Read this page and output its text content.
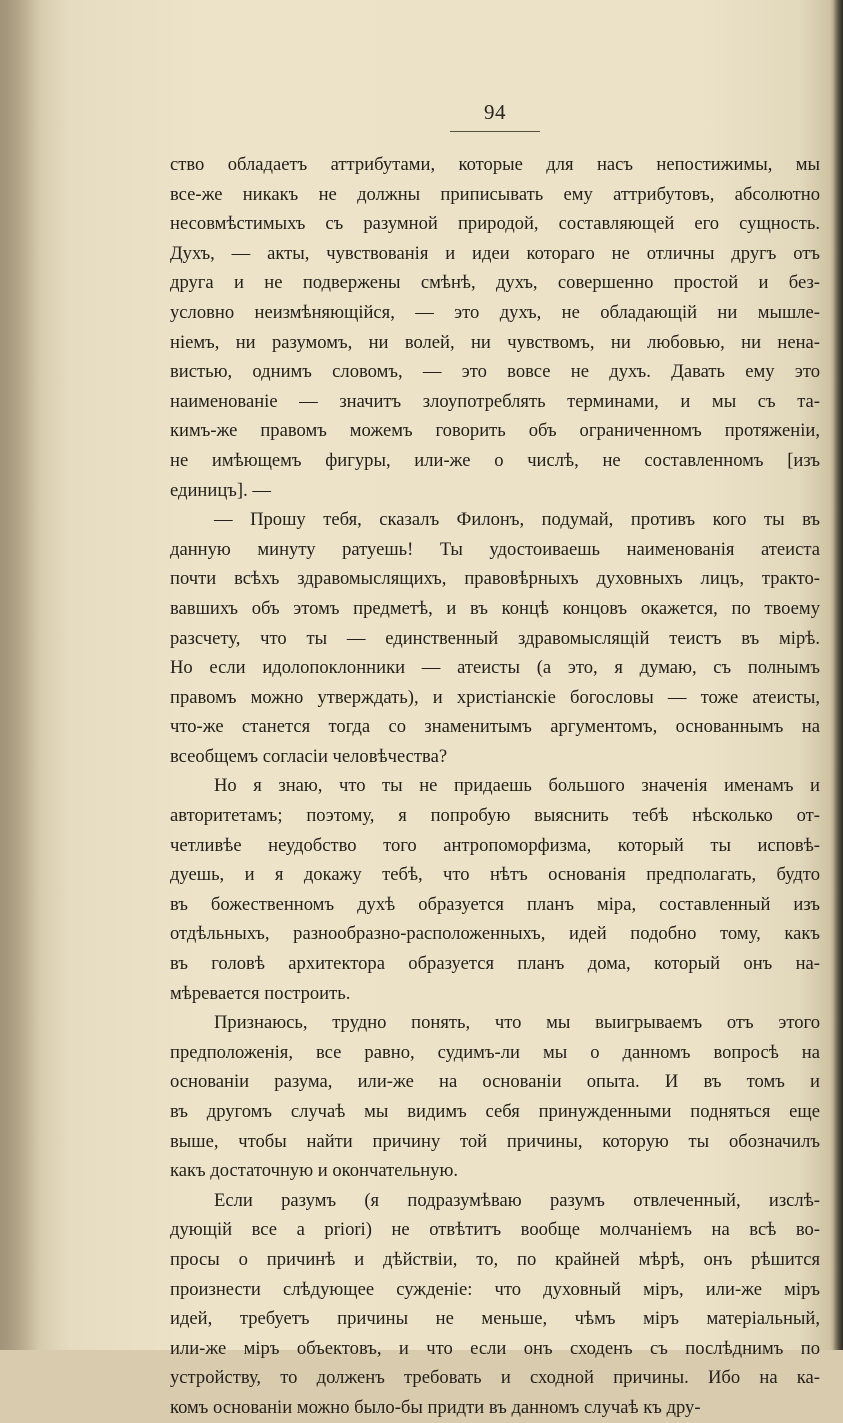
94
ство обладаетъ аттрибутами, которые для насъ непостижимы, мы
все-же никакъ не должны приписывать ему аттрибутовъ, абсолютно
несовмѣстимыхъ съ разумной природой, составляющей его сущность.
Духъ, — акты, чувствованія и идеи котораго не отличны другъ отъ
друга и не подвержены смѣнѣ, духъ, совершенно простой и без-
условно неизмѣняющійся, — это духъ, не обладающій ни мышле-
ніемъ, ни разумомъ, ни волей, ни чувствомъ, ни любовью, ни нена-
вистью, однимъ словомъ, — это вовсе не духъ. Давать ему это
наименованіе — значитъ злоупотреблять терминами, и мы съ та-
кимъ-же правомъ можемъ говорить объ ограниченномъ протяженіи,
не имѣющемъ фигуры, или-же о числѣ, не составленномъ [изъ
единицъ]. —
— Прошу тебя, сказалъ Филонъ, подумай, противъ кого ты въ
данную минуту ратуешь! Ты удостоиваешь наименованія атеиста
почти всѣхъ здравомыслящихъ, правовѣрныхъ духовныхъ лицъ, тракто-
вавшихъ объ этомъ предметѣ, и въ концѣ концовъ окажется, по твоему
разсчету, что ты — единственный здравомыслящій теистъ въ мірѣ.
Но если идолопоклонники — атеисты (а это, я думаю, съ полнымъ
правомъ можно утверждать), и христіанскіе богословы — тоже атеисты,
что-же станется тогда со знаменитымъ аргументомъ, основаннымъ на
всеобщемъ согласіи человѣчества?
Но я знаю, что ты не придаешь большого значенія именамъ и
авторитетамъ; поэтому, я попробую выяснить тебѣ нѣсколько от-
четливѣе неудобство того антропоморфизма, который ты исповѣ-
дуешь, и я докажу тебѣ, что нѣтъ основанія предполагать, будто
въ божественномъ духѣ образуется планъ міра, составленный изъ
отдѣльныхъ, разнообразно-расположенныхъ, идей подобно тому, какъ
въ головѣ архитектора образуется планъ дома, который онъ на-
мѣревается построить.
Признаюсь, трудно понять, что мы выигрываемъ отъ этого
предположенія, все равно, судимъ-ли мы о данномъ вопросѣ на
основаніи разума, или-же на основаніи опыта. И въ томъ и
въ другомъ случаѣ мы видимъ себя принужденными подняться еще
выше, чтобы найти причину той причины, которую ты обозначилъ
какъ достаточную и окончательную.
Если разумъ (я подразумѣваю разумъ отвлеченный, изслѣ-
дующій все a priori) не отвѣтитъ вообще молчаніемъ на всѣ во-
просы о причинѣ и дѣйствіи, то, по крайней мѣрѣ, онъ рѣшится
произнести слѣдующее сужденіе: что духовный міръ, или-же міръ
идей, требуетъ причины не меньше, чѣмъ міръ матеріальный,
или-же міръ объектовъ, и что если онъ сходенъ съ послѣднимъ по
устройству, то долженъ требовать и сходной причины. Ибо на ка-
комъ основаніи можно было-бы придти въ данномъ случаѣ къ дру-
